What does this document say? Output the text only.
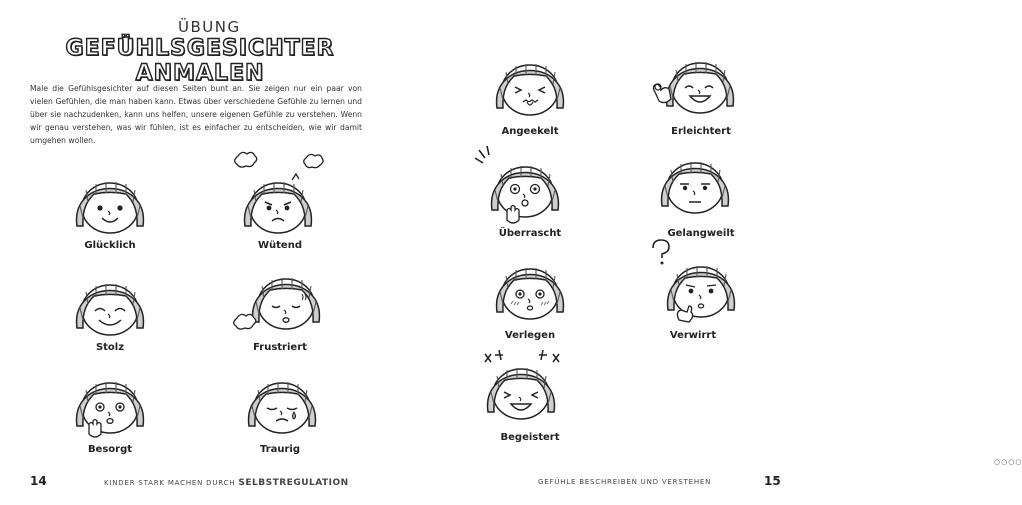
ÜBUNG
GEFÜHLSGESICHTER ANMALEN
Male die Gefühlsgesichter auf diesen Seiten bunt an. Sie zeigen nur ein paar von vielen Gefühlen, die man haben kann. Etwas über verschiedene Gefühle zu lernen und über sie nachzudenken, kann uns helfen, unsere eigenen Gefühle zu verstehen. Wenn wir genau verstehen, was wir fühlen, ist es einfacher zu entscheiden, wie wir damit umgehen wollen.
Glücklich	Wütend
Stolz	Frustriert
Besorgt	Traurig
14	KINDER STARK MACHEN DURCH SELBSTREGULATION
Angeekelt	Erleichtert
Überrascht	Gelangweilt
Verlegen	Verwirrt
Begeistert
○○○○
GEFÜHLE BESCHREIBEN UND VERSTEHEN	15
